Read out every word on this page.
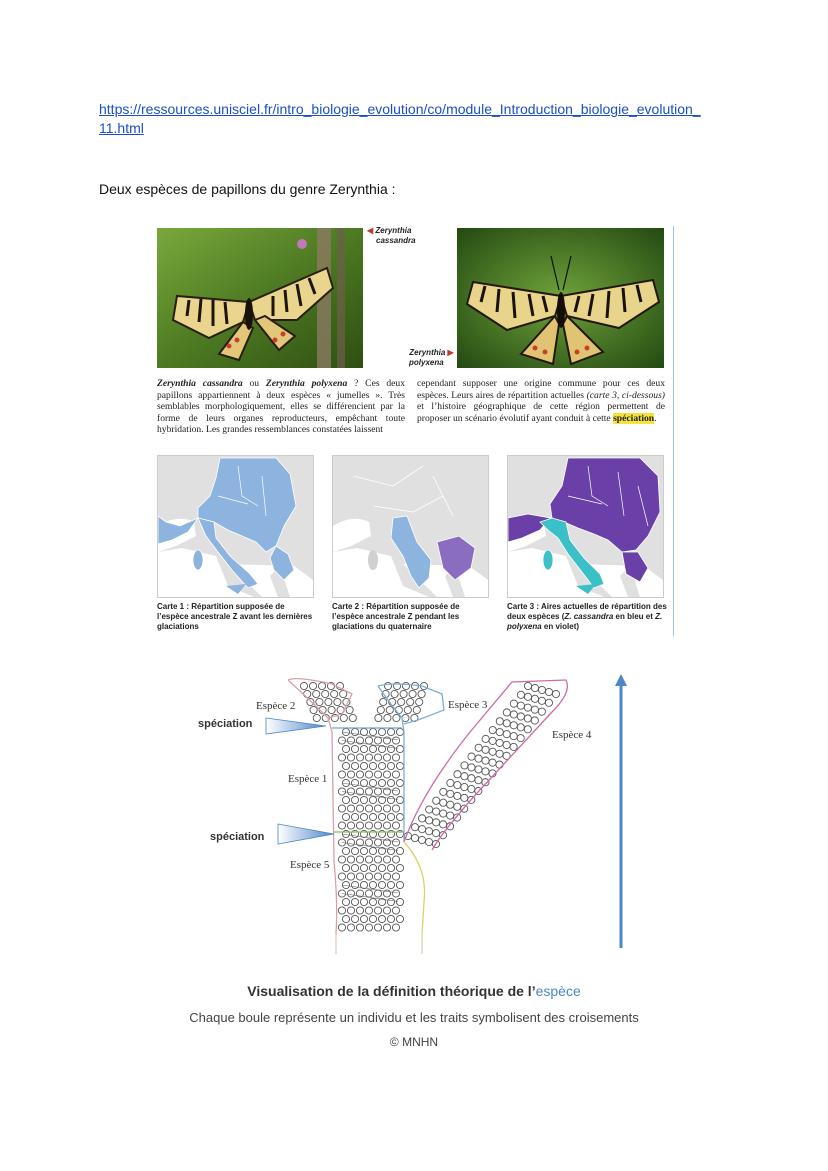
https://ressources.unisciel.fr/intro_biologie_evolution/co/module_Introduction_biologie_evolution_
11.html
Deux espèces de papillons du genre Zerynthia :
◀ Zerynthia
cassandra
Zerynthia ▶
polyxena
Zerynthia cassandra ou Zerynthia polyxena ? Ces deux papillons appartiennent à deux espèces « jumelles ». Très semblables morphologiquement, elles se différencient par la forme de leurs organes reproducteurs, empêchant toute hybridation. Les grandes ressemblances constatées laissent
cependant supposer une origine commune pour ces deux espèces. Leurs aires de répartition actuelles (carte 3, ci-dessous) et l’histoire géographique de cette région permettent de proposer un scénario évolutif ayant conduit à cette spéciation.
Carte 1 : Répartition supposée de l’espèce ancestrale Z avant les dernières glaciations
Carte 2 : Répartition supposée de l’espèce ancestrale Z pendant les glaciations du quaternaire
Carte 3 : Aires actuelles de répartition des deux espèces (Z. cassandra en bleu et Z. polyxena en violet)
spéciation
spéciation
Espèce 2	Espèce 3
Espèce 4
Espèce 1
Espèce 5
Visualisation de la définition théorique de l’espèce
Chaque boule représente un individu et les traits symbolisent des croisements
© MNHN
